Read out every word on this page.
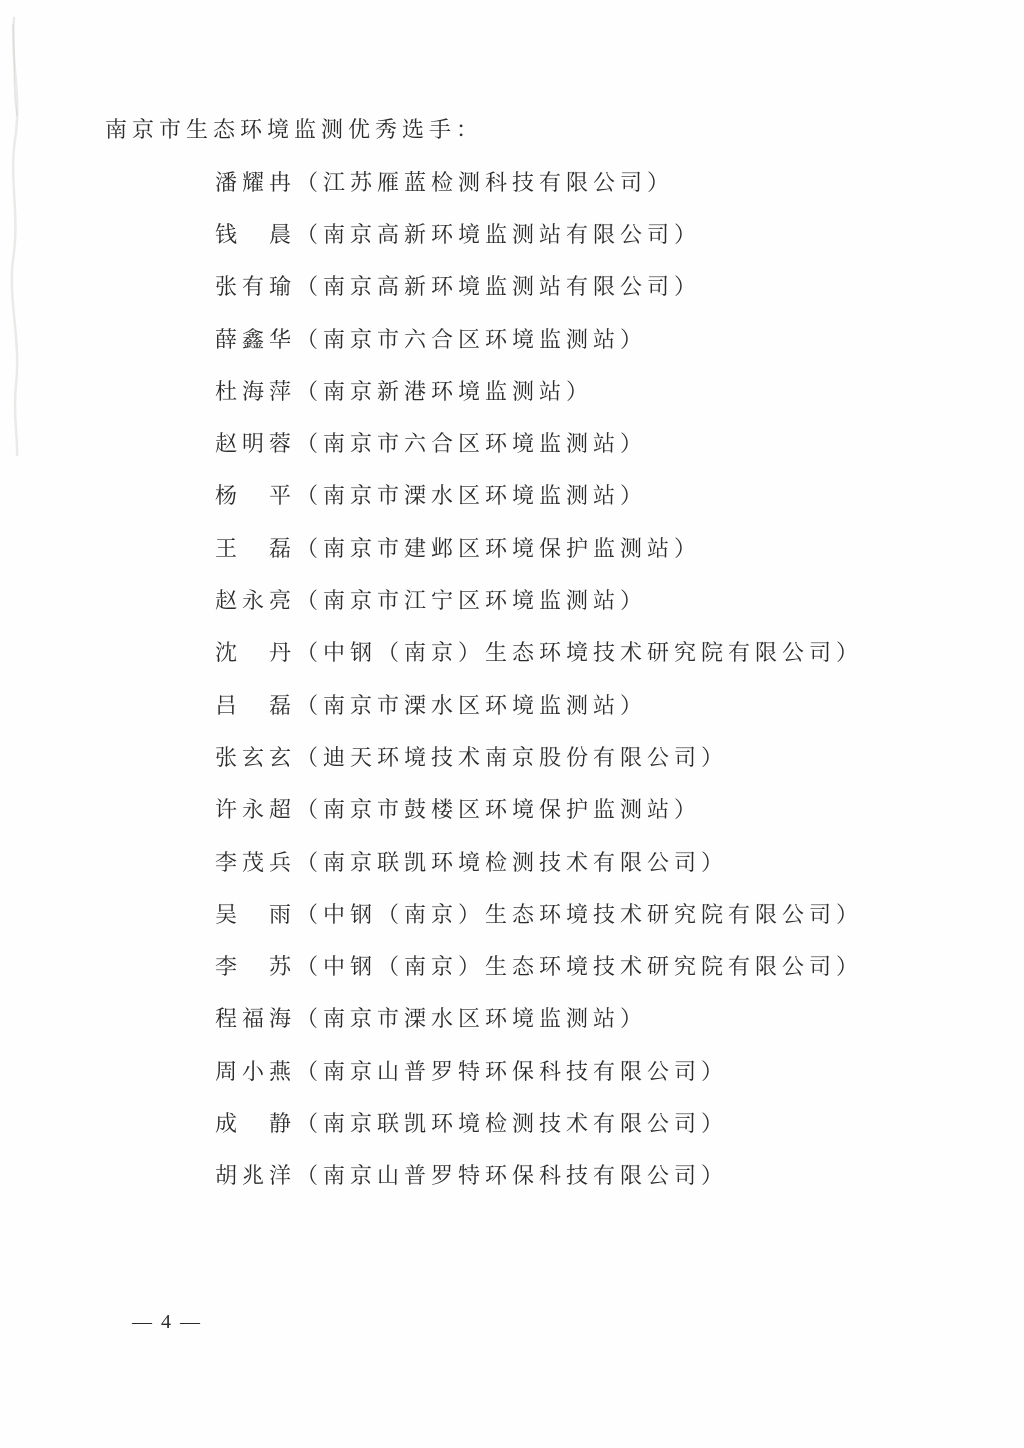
南京市生态环境监测优秀选手：
潘耀冉 （江苏雁蓝检测科技有限公司）
钱　晨 （南京高新环境监测站有限公司）
张有瑜 （南京高新环境监测站有限公司）
薛鑫华 （南京市六合区环境监测站）
杜海萍 （南京新港环境监测站）
赵明蓉 （南京市六合区环境监测站）
杨　平 （南京市溧水区环境监测站）
王　磊 （南京市建邺区环境保护监测站）
赵永亮 （南京市江宁区环境监测站）
沈　丹 （中钢（南京）生态环境技术研究院有限公司）
吕　磊 （南京市溧水区环境监测站）
张玄玄 （迪天环境技术南京股份有限公司）
许永超 （南京市鼓楼区环境保护监测站）
李茂兵 （南京联凯环境检测技术有限公司）
吴　雨 （中钢（南京）生态环境技术研究院有限公司）
李　苏 （中钢（南京）生态环境技术研究院有限公司）
程福海 （南京市溧水区环境监测站）
周小燕 （南京山普罗特环保科技有限公司）
成　静 （南京联凯环境检测技术有限公司）
胡兆洋 （南京山普罗特环保科技有限公司）
— 4 —
